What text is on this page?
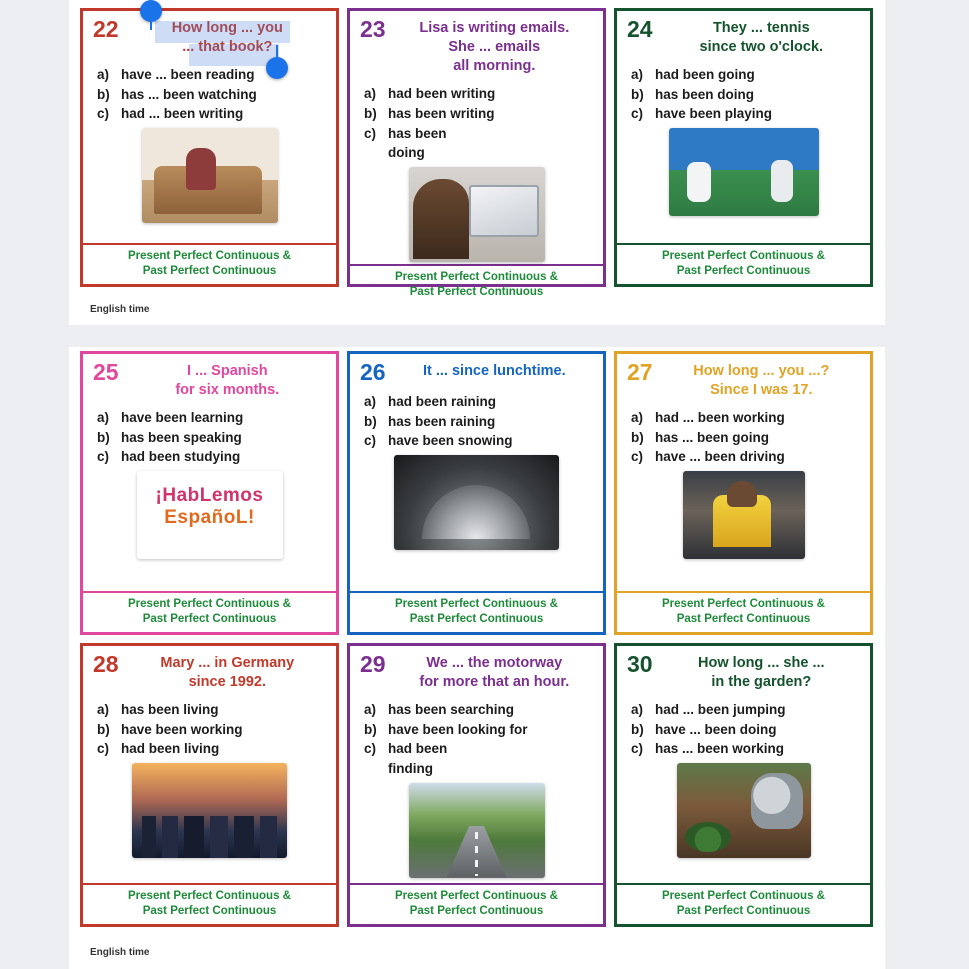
22	How long ... you
... that book?
a) have ... been reading
b) has ... been watching
c) had ... been writing
Present Perfect Continuous &
Past Perfect Continuous
23	Lisa is writing emails.
She ... emails
all morning.
a) had been writing
b) has been writing
c) has been
doing
Present Perfect Continuous &
Past Perfect Continuous
24	They ... tennis
since two o'clock.
a) had been going
b) has been doing
c) have been playing
Present Perfect Continuous &
Past Perfect Continuous
English time
25	I ... Spanish
for six months.
a) have been learning
b) has been speaking
c) had been studying
¡HabLemos
EspañoL!
Present Perfect Continuous &
Past Perfect Continuous
26	It ... since lunchtime.
a) had been raining
b) has been raining
c) have been snowing
Present Perfect Continuous &
Past Perfect Continuous
27	How long ... you ...?
Since I was 17.
a) had ... been working
b) has ... been going
c) have ... been driving
Present Perfect Continuous &
Past Perfect Continuous
28	Mary ... in Germany
since 1992.
a) has been living
b) have been working
c) had been living
Present Perfect Continuous &
Past Perfect Continuous
29	We ... the motorway
for more that an hour.
a) has been searching
b) have been looking for
c) had been
finding
Present Perfect Continuous &
Past Perfect Continuous
30	How long ... she ...
in the garden?
a) had ... been jumping
b) have ... been doing
c) has ... been working
Present Perfect Continuous &
Past Perfect Continuous
English time
